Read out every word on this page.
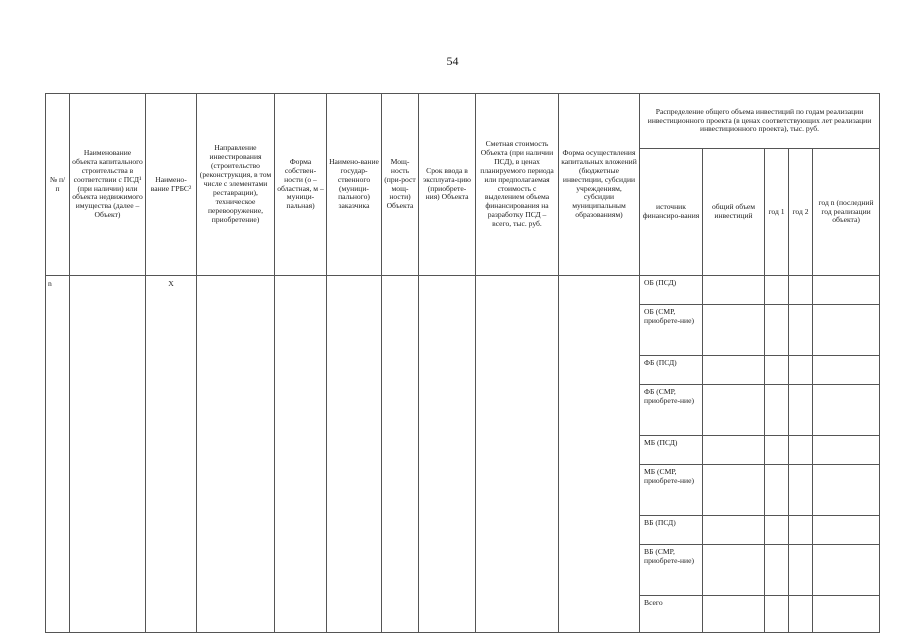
54
№ п/п	Наименование объекта капитального строительства в соответствии с ПСД¹ (при наличии) или объекта недвижимого имущества (далее – Объект)	Наимено-вание ГРБС²	Направление инвестирования (строительство (реконструкция, в том числе с элементами реставрации), техническое перевооружение, приобретение)	Форма собствен-ности (о – областная, м – муници-пальная)	Наимено-вание государ-ственного (муници-пального) заказчика	Мощ-ность (при-рост мощ-ности) Объекта	Срок ввода в эксплуата-цию (приобрете-ния) Объекта	Сметная стоимость Объекта (при наличии ПСД), в ценах планируемого периода или предполагаемая стоимость с выделением объема финансирования на разработку ПСД – всего, тыс. руб.	Форма осуществления капитальных вложений (бюджетные инвестиции, субсидии учреждениям, субсидии муниципальным образованиям)	Распределение общего объема инвестиций по годам реализации инвестиционного проекта (в ценах соответствующих лет реализации инвестиционного проекта), тыс. руб.				
										источник финансиро-вания	общий объем инвестиций	год 1	год 2	год n (последний год реализации объекта)
n		X								ОБ (ПСД)				
										ОБ (СМР, приобрете-ние)				
										ФБ (ПСД)				
										ФБ (СМР, приобрете-ние)				
										МБ (ПСД)				
										МБ (СМР, приобрете-ние)				
										ВБ (ПСД)				
										ВБ (СМР, приобрете-ние)				
										Всего				
